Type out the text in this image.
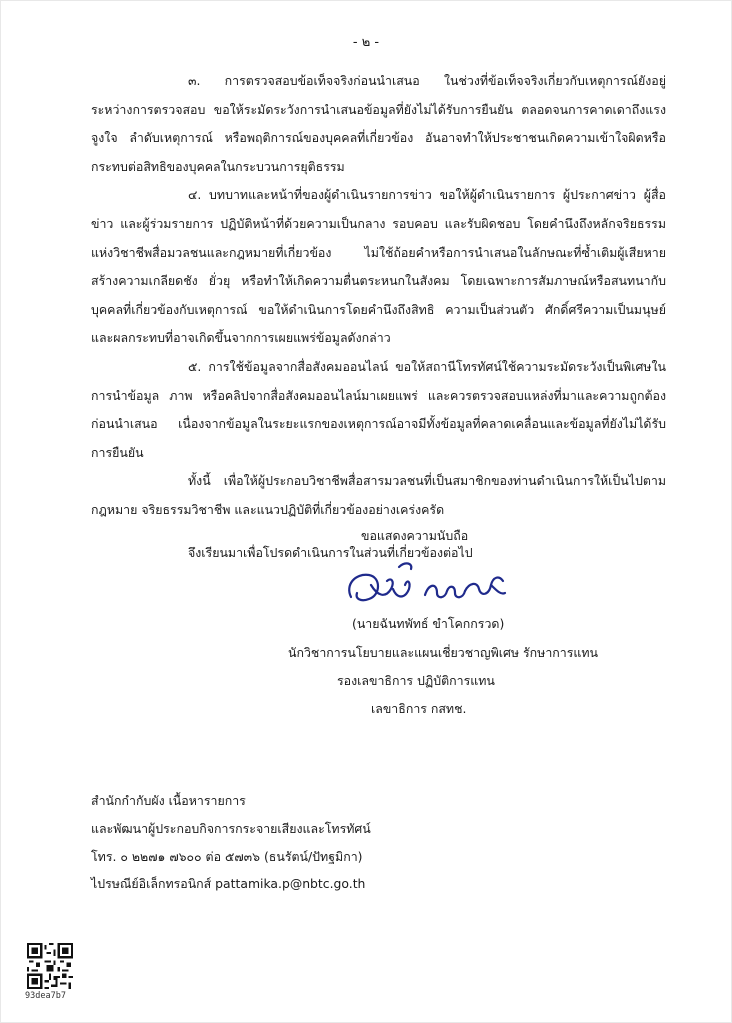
- ๒ -

๓. การตรวจสอบข้อเท็จจริงก่อนนำเสนอ ในช่วงที่ข้อเท็จจริงเกี่ยวกับเหตุการณ์ยังอยู่ระหว่างการตรวจสอบ ขอให้ระมัดระวังการนำเสนอข้อมูลที่ยังไม่ได้รับการยืนยัน ตลอดจนการคาดเดาถึงแรงจูงใจ ลำดับเหตุการณ์ หรือพฤติการณ์ของบุคคลที่เกี่ยวข้อง อันอาจทำให้ประชาชนเกิดความเข้าใจผิดหรือกระทบต่อสิทธิของบุคคลในกระบวนการยุติธรรม

๔. บทบาทและหน้าที่ของผู้ดำเนินรายการข่าว ขอให้ผู้ดำเนินรายการ ผู้ประกาศข่าว ผู้สื่อข่าว และผู้ร่วมรายการ ปฏิบัติหน้าที่ด้วยความเป็นกลาง รอบคอบ และรับผิดชอบ โดยคำนึงถึงหลักจริยธรรมแห่งวิชาชีพสื่อมวลชนและกฎหมายที่เกี่ยวข้อง ไม่ใช้ถ้อยคำหรือการนำเสนอในลักษณะที่ซ้ำเติมผู้เสียหาย สร้างความเกลียดชัง ยั่วยุ หรือทำให้เกิดความตื่นตระหนกในสังคม โดยเฉพาะการสัมภาษณ์หรือสนทนากับบุคคลที่เกี่ยวข้องกับเหตุการณ์ ขอให้ดำเนินการโดยคำนึงถึงสิทธิ ความเป็นส่วนตัว ศักดิ์ศรีความเป็นมนุษย์ และผลกระทบที่อาจเกิดขึ้นจากการเผยแพร่ข้อมูลดังกล่าว

๕. การใช้ข้อมูลจากสื่อสังคมออนไลน์ ขอให้สถานีโทรทัศน์ใช้ความระมัดระวังเป็นพิเศษในการนำข้อมูล ภาพ หรือคลิปจากสื่อสังคมออนไลน์มาเผยแพร่ และควรตรวจสอบแหล่งที่มาและความถูกต้องก่อนนำเสนอ เนื่องจากข้อมูลในระยะแรกของเหตุการณ์อาจมีทั้งข้อมูลที่คลาดเคลื่อนและข้อมูลที่ยังไม่ได้รับการยืนยัน

ทั้งนี้ เพื่อให้ผู้ประกอบวิชาชีพสื่อสารมวลชนที่เป็นสมาชิกของท่านดำเนินการให้เป็นไปตามกฎหมาย จริยธรรมวิชาชีพ และแนวปฏิบัติที่เกี่ยวข้องอย่างเคร่งครัด

จึงเรียนมาเพื่อโปรดดำเนินการในส่วนที่เกี่ยวข้องต่อไป

ขอแสดงความนับถือ
(นายฉันทพัทธ์ ขำโคกกรวด)
นักวิชาการนโยบายและแผนเชี่ยวชาญพิเศษ รักษาการแทน
รองเลขาธิการ ปฏิบัติการแทน
เลขาธิการ กสทช.
สำนักกำกับผัง เนื้อหารายการ
และพัฒนาผู้ประกอบกิจการกระจายเสียงและโทรทัศน์
โทร. ๐ ๒๒๗๑ ๗๖๐๐ ต่อ ๕๗๓๖ (ธนรัตน์/ปัทฐมิกา)
ไปรษณีย์อิเล็กทรอนิกส์ pattamika.p@nbtc.go.th
93dea7b7
